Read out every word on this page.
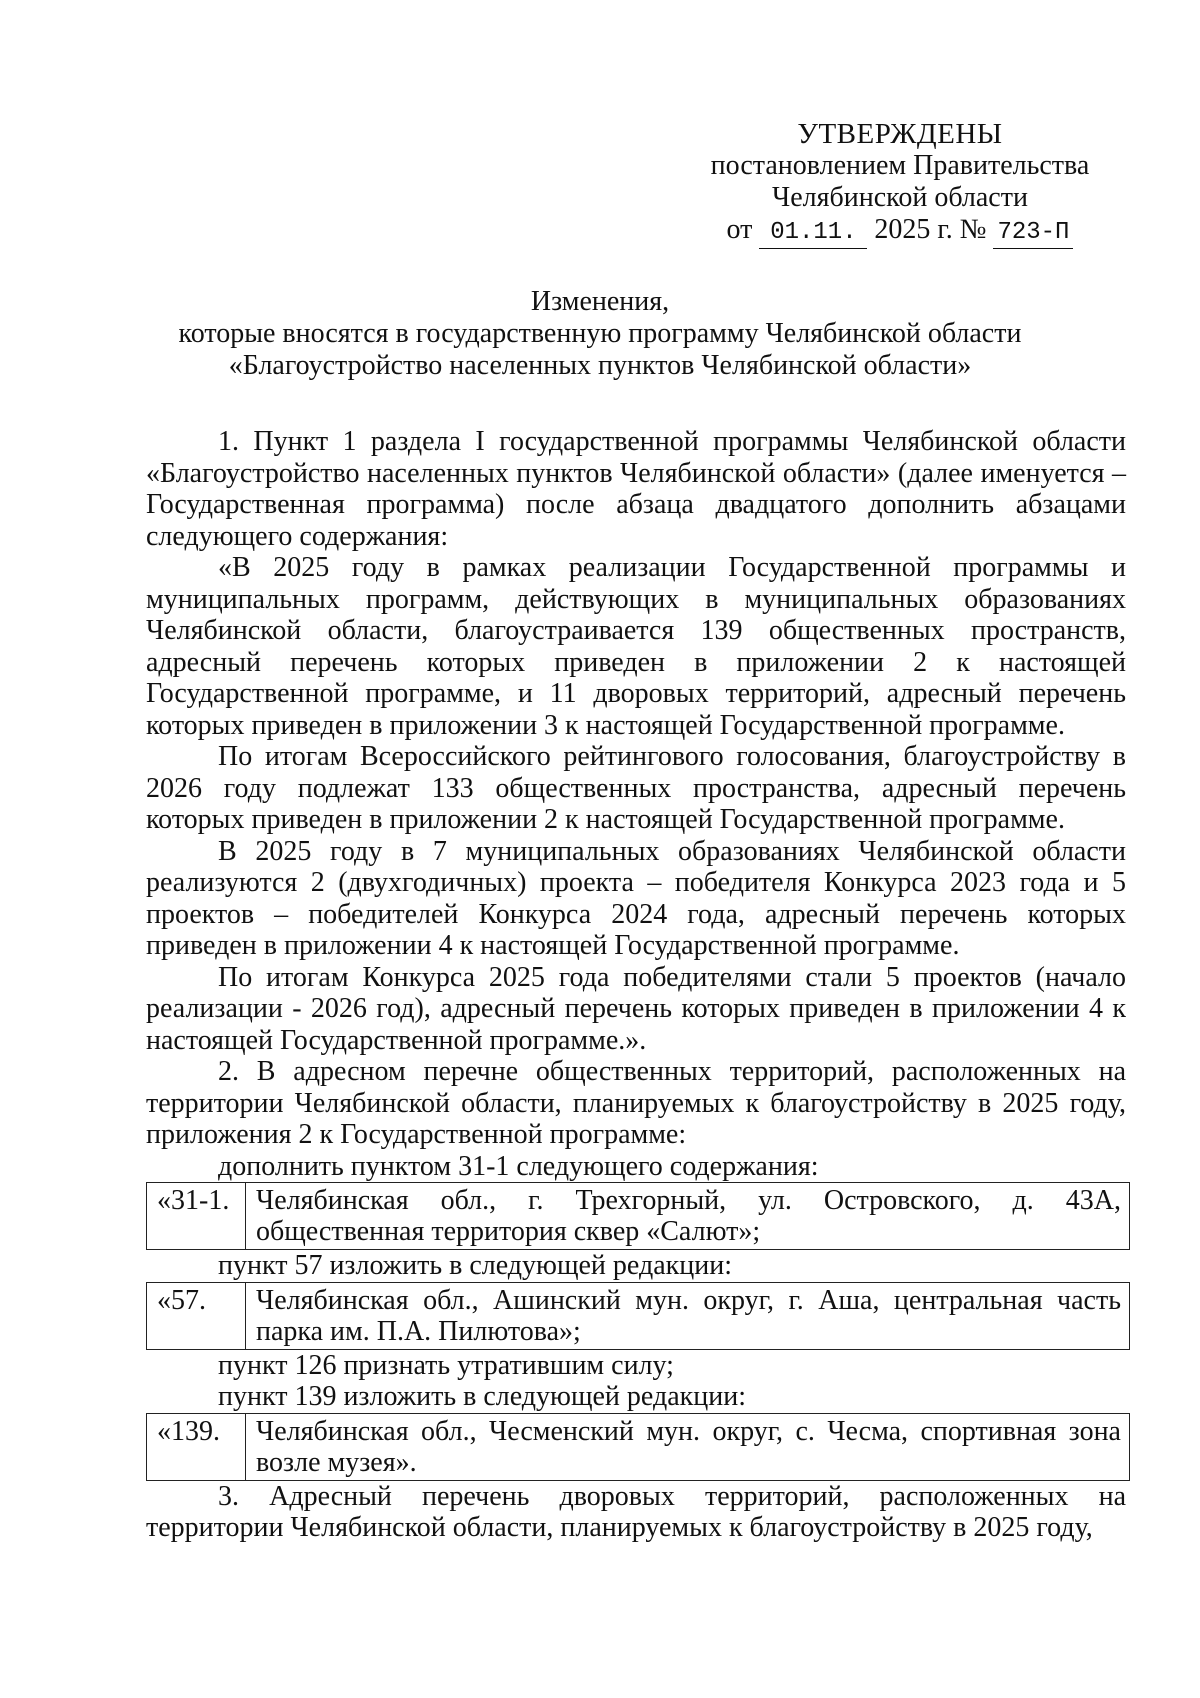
УТВЕРЖДЕНЫ
постановлением Правительства
Челябинской области
от 01.11. 2025 г. № 723-П
Изменения,
которые вносятся в государственную программу Челябинской области
«Благоустройство населенных пунктов Челябинской области»

1. Пункт 1 раздела I государственной программы Челябинской области «Благоустройство населенных пунктов Челябинской области» (далее именуется – Государственная программа) после абзаца двадцатого дополнить абзацами следующего содержания:

«В 2025 году в рамках реализации Государственной программы и муниципальных программ, действующих в муниципальных образованиях Челябинской области, благоустраивается 139 общественных пространств, адресный перечень которых приведен в приложении 2 к настоящей Государственной программе, и 11 дворовых территорий, адресный перечень которых приведен в приложении 3 к настоящей Государственной программе.

По итогам Всероссийского рейтингового голосования, благоустройству в 2026 году подлежат 133 общественных пространства, адресный перечень которых приведен в приложении 2 к настоящей Государственной программе.

В 2025 году в 7 муниципальных образованиях Челябинской области реализуются 2 (двухгодичных) проекта – победителя Конкурса 2023 года и 5 проектов – победителей Конкурса 2024 года, адресный перечень которых приведен в приложении 4 к настоящей Государственной программе.

По итогам Конкурса 2025 года победителями стали 5 проектов (начало реализации - 2026 год), адресный перечень которых приведен в приложении 4 к настоящей Государственной программе.».

2. В адресном перечне общественных территорий, расположенных на территории Челябинской области, планируемых к благоустройству в 2025 году, приложения 2 к Государственной программе:

дополнить пунктом 31-1 следующего содержания:

«31-1.	Челябинская обл., г. Трехгорный, ул. Островского, д. 43А, общественная территория сквер «Салют»;

пункт 57 изложить в следующей редакции:

«57.	Челябинская обл., Ашинский мун. округ, г. Аша, центральная часть парка им. П.А. Пилютова»;

пункт 126 признать утратившим силу;

пункт 139 изложить в следующей редакции:

«139.	Челябинская обл., Чесменский мун. округ, с. Чесма, спортивная зона возле музея».

3. Адресный перечень дворовых территорий, расположенных на территории Челябинской области, планируемых к благоустройству в 2025 году,
